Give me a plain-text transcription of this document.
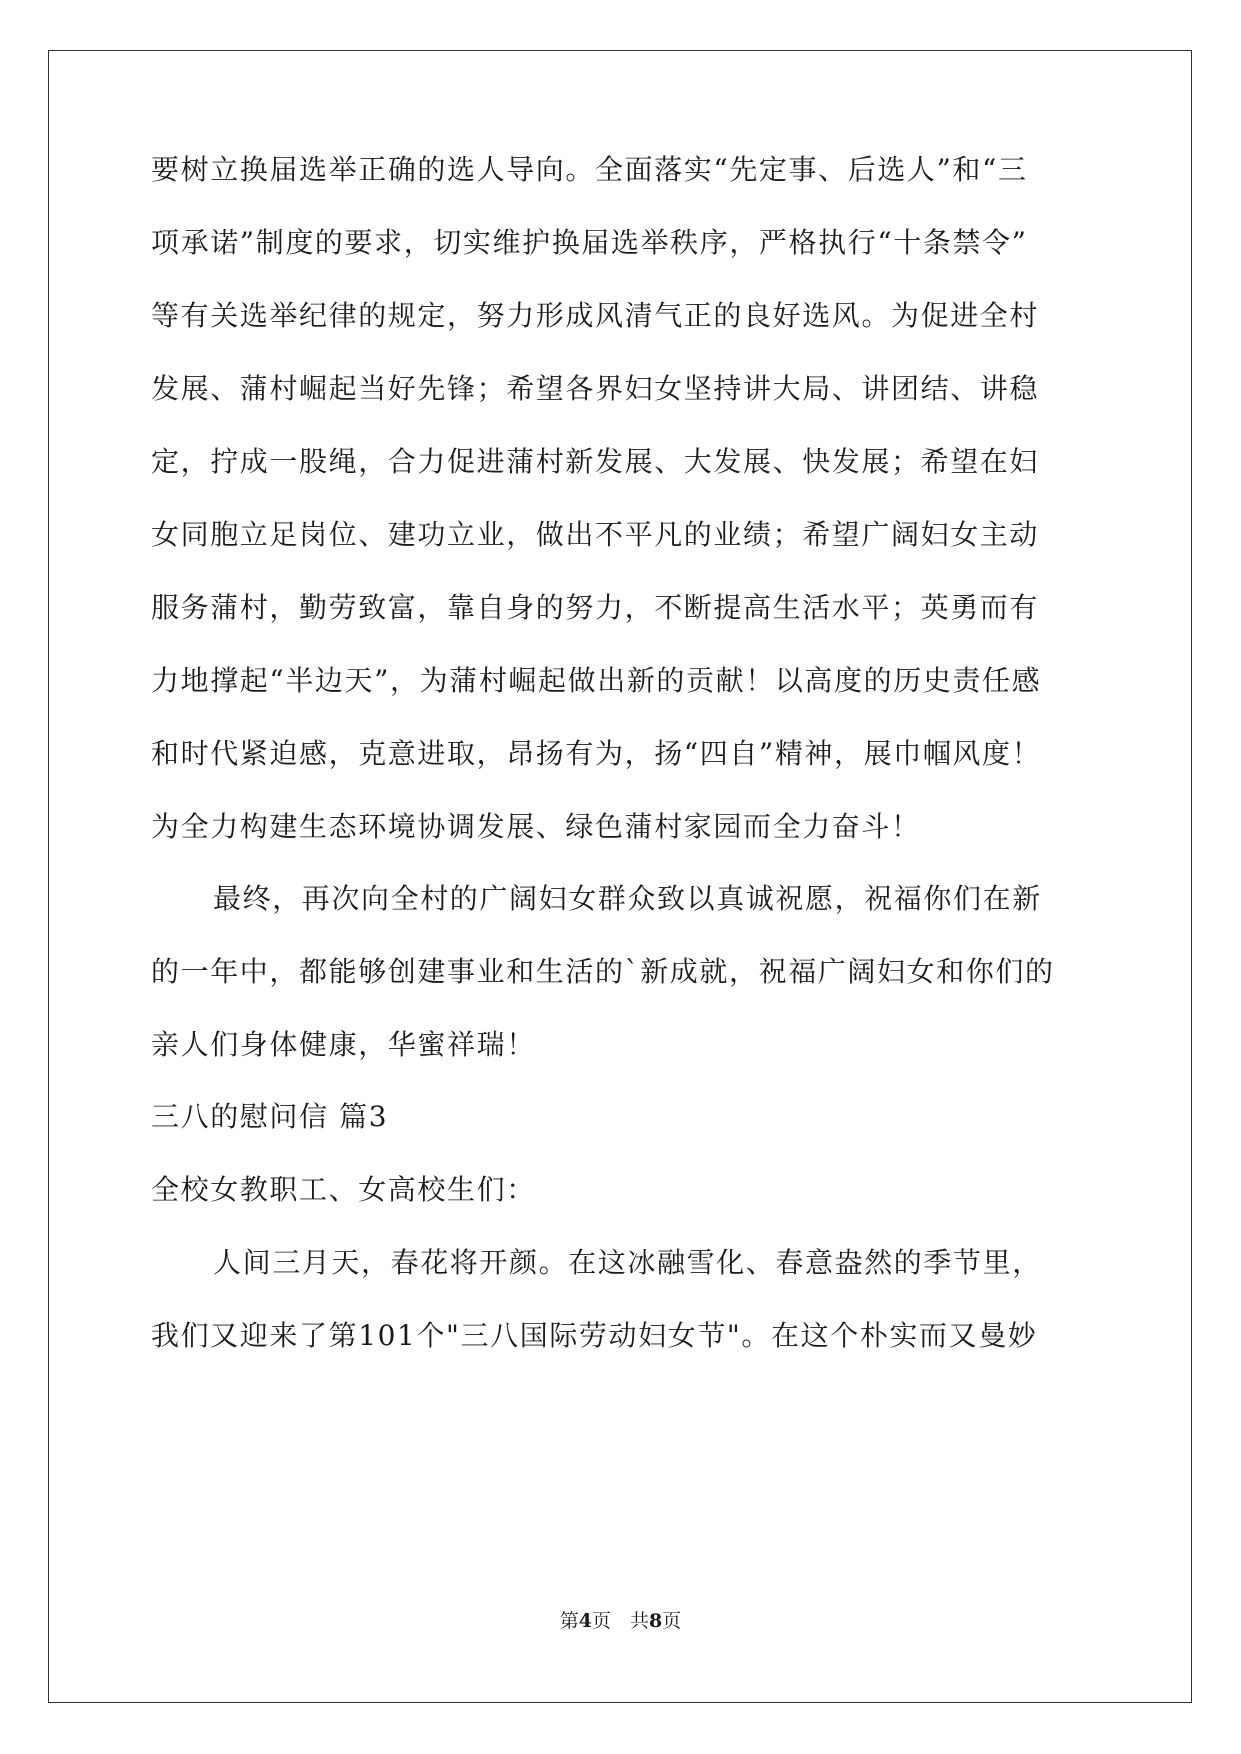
要树立换届选举正确的选人导向。全面落实“先定事、后选人”和“三
项承诺”制度的要求，切实维护换届选举秩序，严格执行“十条禁令”
等有关选举纪律的规定，努力形成风清气正的良好选风。为促进全村
发展、蒲村崛起当好先锋；希望各界妇女坚持讲大局、讲团结、讲稳
定，拧成一股绳，合力促进蒲村新发展、大发展、快发展；希望在妇
女同胞立足岗位、建功立业，做出不平凡的业绩；希望广阔妇女主动
服务蒲村，勤劳致富，靠自身的努力，不断提高生活水平；英勇而有
力地撑起“半边天”，为蒲村崛起做出新的贡献！以高度的历史责任感
和时代紧迫感，克意进取，昂扬有为，扬“四自”精神，展巾帼风度！
为全力构建生态环境协调发展、绿色蒲村家园而全力奋斗！
最终，再次向全村的广阔妇女群众致以真诚祝愿，祝福你们在新
的一年中，都能够创建事业和生活的`新成就，祝福广阔妇女和你们的
亲人们身体健康，华蜜祥瑞！
三八的慰问信 篇3
全校女教职工、女高校生们：
人间三月天，春花将开颜。在这冰融雪化、春意盎然的季节里，
我们又迎来了第101个"三八国际劳动妇女节"。在这个朴实而又曼妙
第4页　共8页
